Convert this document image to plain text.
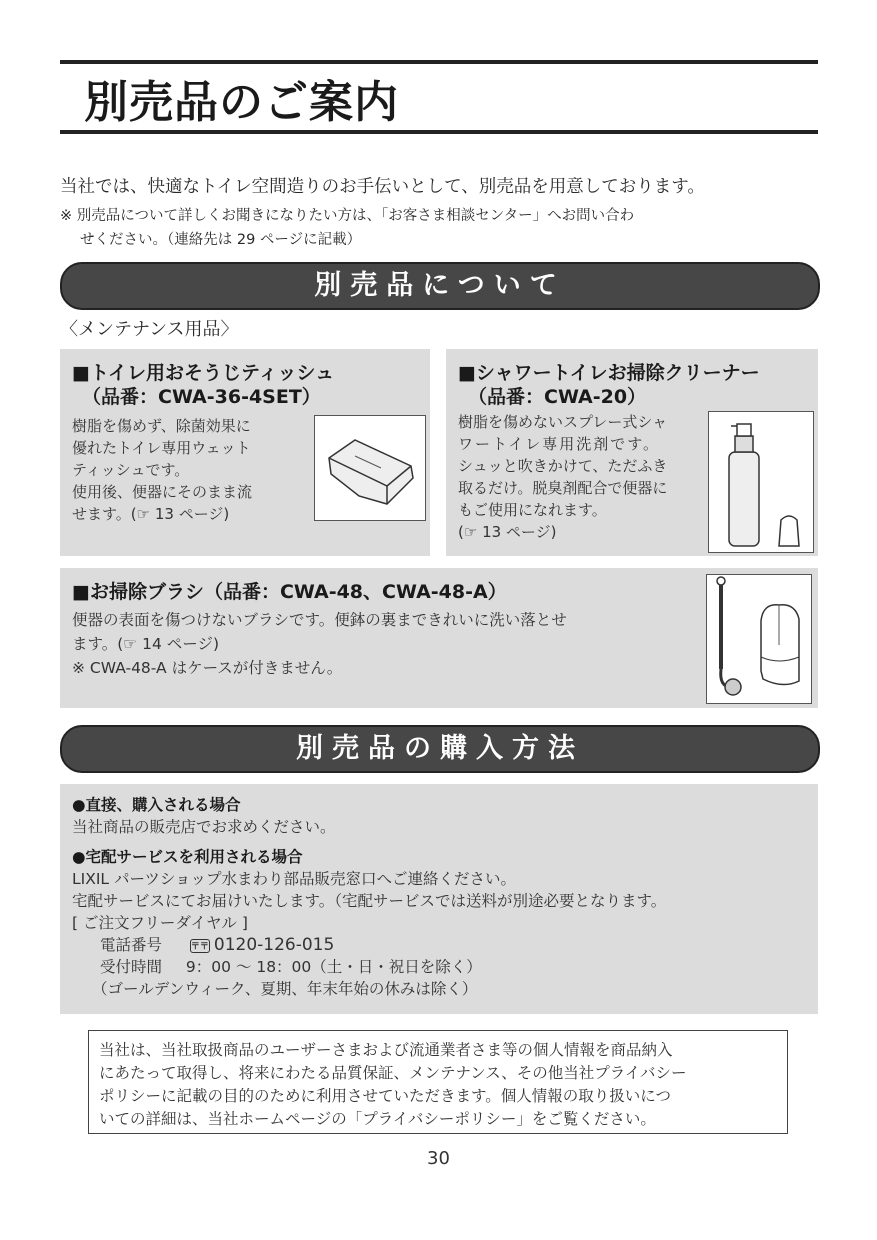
別売品のご案内
当社では、快適なトイレ空間造りのお手伝いとして、別売品を用意しております。
※ 別売品について詳しくお聞きになりたい方は、「お客さま相談センター」へお問い合わ
せください。（連絡先は 29 ページに記載）
別売品について
〈メンテナンス用品〉
■トイレ用おそうじティッシュ
（品番：CWA-36-4SET）
樹脂を傷めず、除菌効果に
優れたトイレ専用ウェット
ティッシュです。
使用後、便器にそのまま流
せます。(☞ 13 ページ)
■シャワートイレお掃除クリーナー
（品番：CWA-20）
樹脂を傷めないスプレー式シャ
ワートイレ専用洗剤です。
シュッと吹きかけて、ただふき
取るだけ。脱臭剤配合で便器に
もご使用になれます。
(☞ 13 ページ)
■お掃除ブラシ（品番：CWA-48、CWA-48-A）
便器の表面を傷つけないブラシです。便鉢の裏まできれいに洗い落とせ
ます。(☞ 14 ページ)
※ CWA-48-A はケースが付きません。
別売品の購入方法
●直接、購入される場合
当社商品の販売店でお求めください。
●宅配サービスを利用される場合
LIXIL パーツショップ水まわり部品販売窓口へご連絡ください。
宅配サービスにてお届けいたします。（宅配サービスでは送料が別途必要となります。
[ ご注文フリーダイヤル ]
電話番号	〒〒 0120-126-015
受付時間 9：00 ～ 18：00（土・日・祝日を除く）
（ゴールデンウィーク、夏期、年末年始の休みは除く）
当社は、当社取扱商品のユーザーさまおよび流通業者さま等の個人情報を商品納入
にあたって取得し、将来にわたる品質保証、メンテナンス、その他当社プライバシー
ポリシーに記載の目的のために利用させていただきます。個人情報の取り扱いにつ
いての詳細は、当社ホームページの「プライバシーポリシー」をご覧ください。
30
